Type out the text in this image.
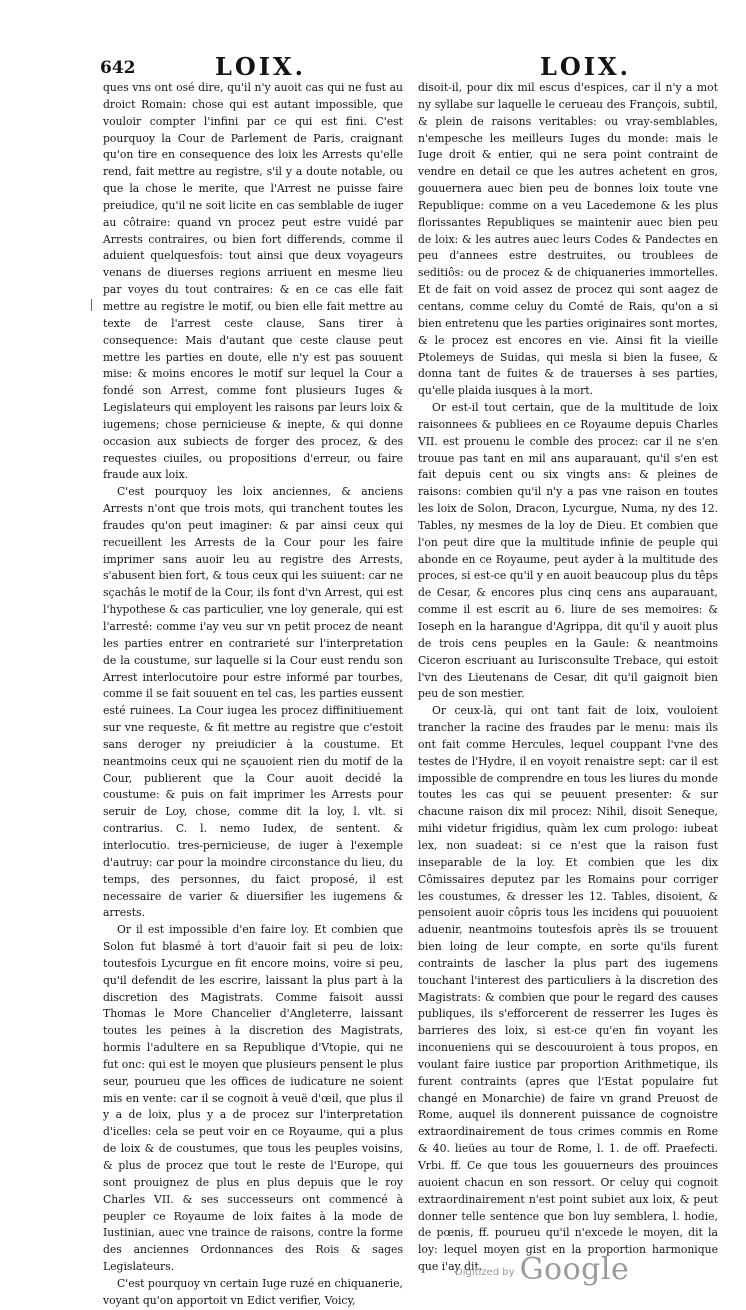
642	LOIX.	LOIX.

ques vns ont osé dire, qu'il n'y auoit cas qui ne fust au droict Romain: chose qui est autant impossible, que vouloir compter l'infini par ce qui est fini. C'est pourquoy la Cour de Parlement de Paris, craignant qu'on tire en consequence des loix les Arrests qu'elle rend, fait mettre au registre, s'il y a doute notable, ou que la chose le merite, que l'Arrest ne puisse faire preiudice, qu'il ne soit licite en cas semblable de iuger au côtraire: quand vn procez peut estre vuidé par Arrests contraires, ou bien fort differends, comme il aduient quelquesfois: tout ainsi que deux voyageurs venans de diuerses regions arriuent en mesme lieu par voyes du tout contraires: & en ce cas elle fait mettre au registre le motif, ou bien elle fait mettre au texte de l'arrest ceste clause, Sans tirer à consequence: Mais d'autant que ceste clause peut mettre les parties en doute, elle n'y est pas souuent mise: & moins encores le motif sur lequel la Cour a fondé son Arrest, comme font plusieurs Iuges & Legislateurs qui employent les raisons par leurs loix & iugemens; chose pernicieuse & inepte, & qui donne occasion aux subiects de forger des procez, & des requestes ciuiles, ou propositions d'erreur, ou faire fraude aux loix.

C'est pourquoy les loix anciennes, & anciens Arrests n'ont que trois mots, qui tranchent toutes les fraudes qu'on peut imaginer: & par ainsi ceux qui recueillent les Arrests de la Cour pour les faire imprimer sans auoir leu au registre des Arrests, s'abusent bien fort, & tous ceux qui les suiuent: car ne sçachâs le motif de la Cour, ils font d'vn Arrest, qui est l'hypothese & cas particulier, vne loy generale, qui est l'arresté: comme i'ay veu sur vn petit procez de neant les parties entrer en contrarieté sur l'interpretation de la coustume, sur laquelle si la Cour eust rendu son Arrest interlocutoire pour estre informé par tourbes, comme il se fait souuent en tel cas, les parties eussent esté ruinees. La Cour iugea les procez diffinitiuement sur vne requeste, & fit mettre au registre que c'estoit sans deroger ny preiudicier à la coustume. Et neantmoins ceux qui ne sçauoient rien du motif de la Cour, publierent que la Cour auoit decidé la coustume: & puis on fait imprimer les Arrests pour seruir de Loy, chose, comme dit la loy, l. vlt. si contrarius. C. l. nemo Iudex, de sentent. & interlocutio. tres-pernicieuse, de iuger à l'exemple d'autruy: car pour la moindre circonstance du lieu, du temps, des personnes, du faict proposé, il est necessaire de varier & diuersifier les iugemens & arrests.

Or il est impossible d'en faire loy. Et combien que Solon fut blasmé à tort d'auoir fait si peu de loix: toutesfois Lycurgue en fit encore moins, voire si peu, qu'il defendit de les escrire, laissant la plus part à la discretion des Magistrats. Comme faisoit aussi Thomas le More Chancelier d'Angleterre, laissant toutes les peines à la discretion des Magistrats, hormis l'adultere en sa Republique d'Vtopie, qui ne fut onc: qui est le moyen que plusieurs pensent le plus seur, pourueu que les offices de iudicature ne soient mis en vente: car il se cognoit à veuë d'œil, que plus il y a de loix, plus y a de procez sur l'interpretation d'icelles: cela se peut voir en ce Royaume, qui a plus de loix & de coustumes, que tous les peuples voisins, & plus de procez que tout le reste de l'Europe, qui sont prouignez de plus en plus depuis que le roy Charles VII. & ses successeurs ont commencé à peupler ce Royaume de loix faites à la mode de Iustinian, auec vne traince de raisons, contre la forme des anciennes Ordonnances des Rois & sages Legislateurs.

C'est pourquoy vn certain Iuge ruzé en chiquanerie, voyant qu'on apportoit vn Edict verifier, Voicy,

disoit-il, pour dix mil escus d'espices, car il n'y a mot ny syllabe sur laquelle le cerueau des François, subtil, & plein de raisons veritables: ou vray-semblables, n'empesche les meilleurs Iuges du monde: mais le Iuge droit & entier, qui ne sera point contraint de vendre en detail ce que les autres achetent en gros, gouuernera auec bien peu de bonnes loix toute vne Republique: comme on a veu Lacedemone & les plus florissantes Republiques se maintenir auec bien peu de loix: & les autres auec leurs Codes & Pandectes en peu d'annees estre destruites, ou troublees de seditiôs: ou de procez & de chiquaneries immortelles. Et de fait on void assez de procez qui sont aagez de centans, comme celuy du Comté de Rais, qu'on a si bien entretenu que les parties originaires sont mortes, & le procez est encores en vie. Ainsi fit la vieille Ptolemeys de Suidas, qui mesla si bien la fusee, & donna tant de fuites & de trauerses à ses parties, qu'elle plaida iusques à la mort.

Or est-il tout certain, que de la multitude de loix raisonnees & publiees en ce Royaume depuis Charles VII. est prouenu le comble des procez: car il ne s'en trouue pas tant en mil ans auparauant, qu'il s'en est fait depuis cent ou six vingts ans: & pleines de raisons: combien qu'il n'y a pas vne raison en toutes les loix de Solon, Dracon, Lycurgue, Numa, ny des 12. Tables, ny mesmes de la loy de Dieu. Et combien que l'on peut dire que la multitude infinie de peuple qui abonde en ce Royaume, peut ayder à la multitude des proces, si est-ce qu'il y en auoit beaucoup plus du têps de Cesar, & encores plus cinq cens ans auparauant, comme il est escrit au 6. liure de ses memoires: & Ioseph en la harangue d'Agrippa, dit qu'il y auoit plus de trois cens peuples en la Gaule: & neantmoins Ciceron escriuant au Iurisconsulte Trebace, qui estoit l'vn des Lieutenans de Cesar, dit qu'il gaignoit bien peu de son mestier.

Or ceux-là, qui ont tant fait de loix, vouloient trancher la racine des fraudes par le menu: mais ils ont fait comme Hercules, lequel couppant l'vne des testes de l'Hydre, il en voyoit renaistre sept: car il est impossible de comprendre en tous les liures du monde toutes les cas qui se peuuent presenter: & sur chacune raison dix mil procez: Nihil, disoit Seneque, mihi videtur frigidius, quàm lex cum prologo: iubeat lex, non suadeat: si ce n'est que la raison fust inseparable de la loy. Et combien que les dix Cômissaires deputez par les Romains pour corriger les coustumes, & dresser les 12. Tables, disoient, & pensoient auoir côpris tous les incidens qui pouuoient aduenir, neantmoins toutesfois après ils se trouuent bien loing de leur compte, en sorte qu'ils furent contraints de lascher la plus part des iugemens touchant l'interest des particuliers à la discretion des Magistrats: & combien que pour le regard des causes publiques, ils s'efforcerent de resserrer les Iuges ès barrieres des loix, si est-ce qu'en fin voyant les inconueniens qui se descouuroient à tous propos, en voulant faire iustice par proportion Arithmetique, ils furent contraints (apres que l'Estat populaire fut changé en Monarchie) de faire vn grand Preuost de Rome, auquel ils donnerent puissance de cognoistre extraordinairement de tous crimes commis en Rome & 40. lieües au tour de Rome, l. 1. de off. Praefecti. Vrbi. ff. Ce que tous les gouuerneurs des prouinces auoient chacun en son ressort. Or celuy qui cognoit extraordinairement n'est point subiet aux loix, & peut donner telle sentence que bon luy semblera, l. hodie, de pœnis, ff. pourueu qu'il n'excede le moyen, dit la loy: lequel moyen gist en la proportion harmonique que i'ay dit.

$^{Digitized by}$ Google
